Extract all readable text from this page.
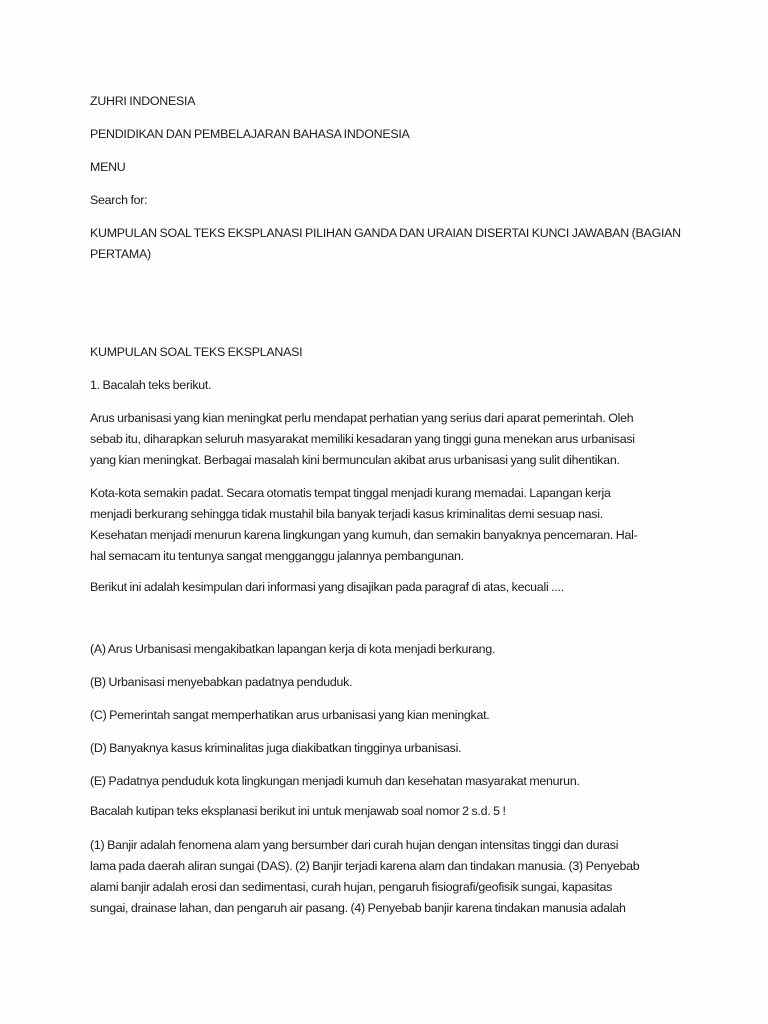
ZUHRI INDONESIA
PENDIDIKAN DAN PEMBELAJARAN BAHASA INDONESIA
MENU
Search for:
KUMPULAN SOAL TEKS EKSPLANASI PILIHAN GANDA DAN URAIAN DISERTAI KUNCI JAWABAN (BAGIAN
PERTAMA)
KUMPULAN SOAL TEKS EKSPLANASI
1. Bacalah teks berikut.
Arus urbanisasi yang kian meningkat perlu mendapat perhatian yang serius dari aparat pemerintah. Oleh
sebab itu, diharapkan seluruh masyarakat memiliki kesadaran yang tinggi guna menekan arus urbanisasi
yang kian meningkat. Berbagai masalah kini bermunculan akibat arus urbanisasi yang sulit dihentikan.
Kota-kota semakin padat. Secara otomatis tempat tinggal menjadi kurang memadai. Lapangan kerja
menjadi berkurang sehingga tidak mustahil bila banyak terjadi kasus kriminalitas demi sesuap nasi.
Kesehatan menjadi menurun karena lingkungan yang kumuh, dan semakin banyaknya pencemaran. Hal-
hal semacam itu tentunya sangat mengganggu jalannya pembangunan.
Berikut ini adalah kesimpulan dari informasi yang disajikan pada paragraf di atas, kecuali ....
(A) Arus Urbanisasi mengakibatkan lapangan kerja di kota menjadi berkurang.
(B) Urbanisasi menyebabkan padatnya penduduk.
(C) Pemerintah sangat memperhatikan arus urbanisasi yang kian meningkat.
(D) Banyaknya kasus kriminalitas juga diakibatkan tingginya urbanisasi.
(E) Padatnya penduduk kota lingkungan menjadi kumuh dan kesehatan masyarakat menurun.
Bacalah kutipan teks eksplanasi berikut ini untuk menjawab soal nomor 2 s.d. 5 !
(1) Banjir adalah fenomena alam yang bersumber dari curah hujan dengan intensitas tinggi dan durasi
lama pada daerah aliran sungai (DAS). (2) Banjir terjadi karena alam dan tindakan manusia. (3) Penyebab
alami banjir adalah erosi dan sedimentasi, curah hujan, pengaruh fisiografi/geofisik sungai, kapasitas
sungai, drainase lahan, dan pengaruh air pasang. (4) Penyebab banjir karena tindakan manusia adalah
